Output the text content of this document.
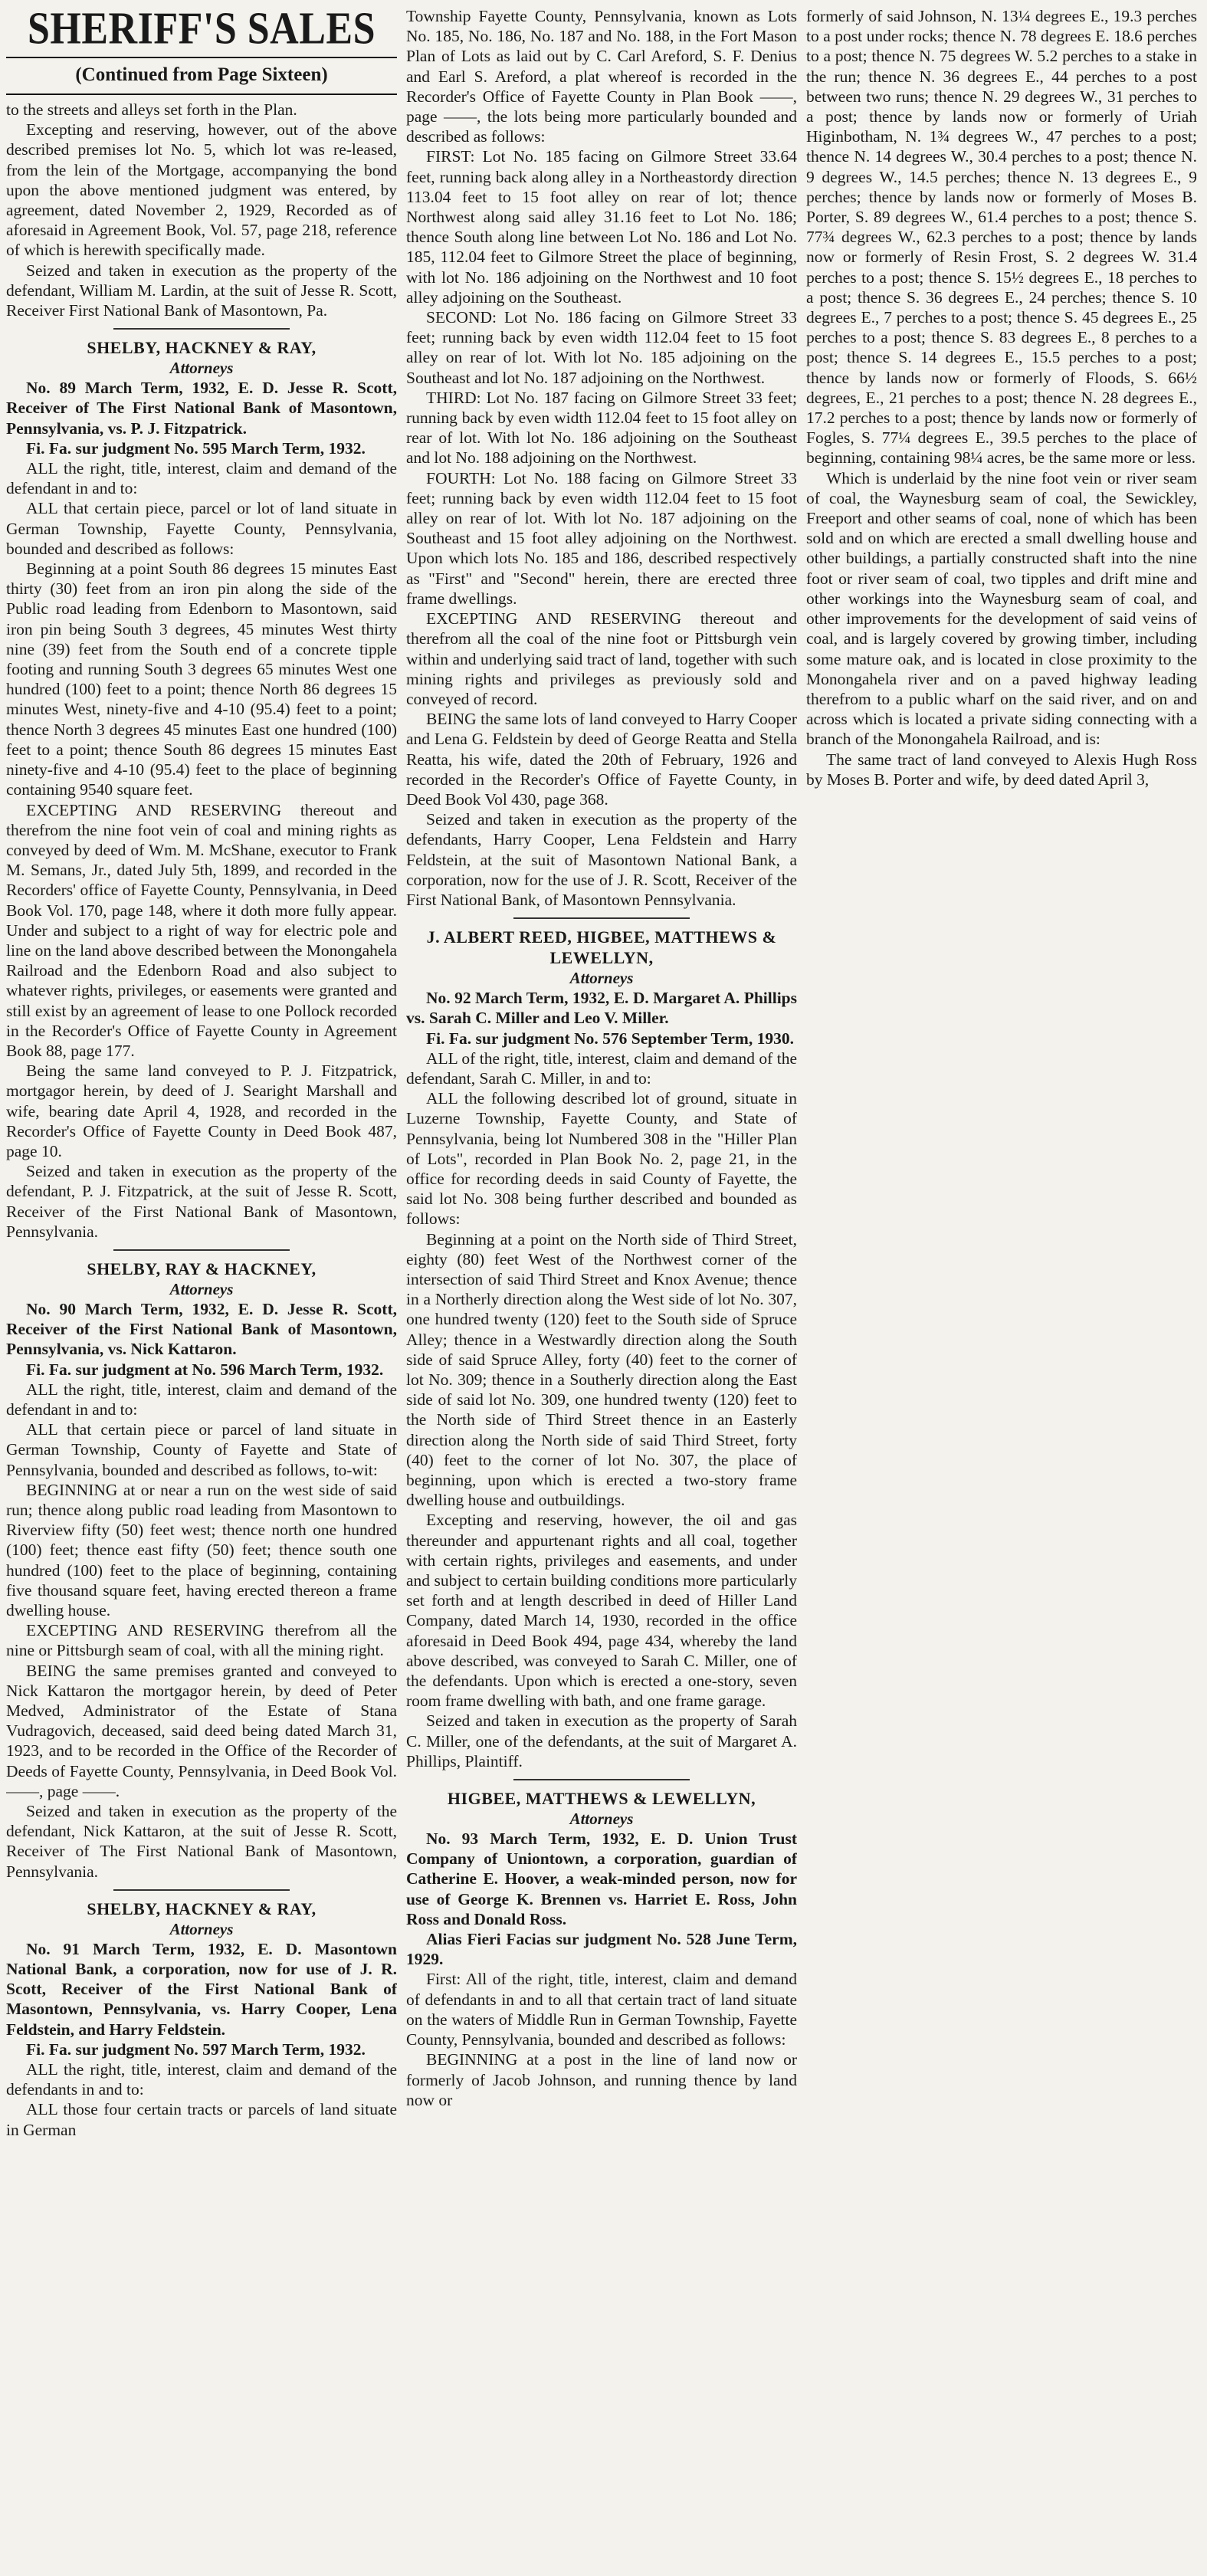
SHERIFF'S SALES
(Continued from Page Sixteen)

to the streets and alleys set forth in the Plan.

Excepting and reserving, however, out of the above described premises lot No. 5, which lot was re-leased, from the lein of the Mortgage, accompanying the bond upon the above mentioned judgment was entered, by agreement, dated November 2, 1929, Recorded as of aforesaid in Agreement Book, Vol. 57, page 218, reference of which is herewith specifically made.

Seized and taken in execution as the property of the defendant, William M. Lardin, at the suit of Jesse R. Scott, Receiver First National Bank of Masontown, Pa.

SHELBY, HACKNEY & RAY,
Attorneys

No. 89 March Term, 1932, E. D. Jesse R. Scott, Receiver of The First National Bank of Masontown, Pennsylvania, vs. P. J. Fitzpatrick.

Fi. Fa. sur judgment No. 595 March Term, 1932.

ALL the right, title, interest, claim and demand of the defendant in and to:

ALL that certain piece, parcel or lot of land situate in German Township, Fayette County, Pennsylvania, bounded and described as follows:

Beginning at a point South 86 degrees 15 minutes East thirty (30) feet from an iron pin along the side of the Public road leading from Edenborn to Masontown, said iron pin being South 3 degrees, 45 minutes West thirty nine (39) feet from the South end of a concrete tipple footing and running South 3 degrees 65 minutes West one hundred (100) feet to a point; thence North 86 degrees 15 minutes West, ninety-five and 4-10 (95.4) feet to a point; thence North 3 degrees 45 minutes East one hundred (100) feet to a point; thence South 86 degrees 15 minutes East ninety-five and 4-10 (95.4) feet to the place of beginning containing 9540 square feet.

EXCEPTING AND RESERVING thereout and therefrom the nine foot vein of coal and mining rights as conveyed by deed of Wm. M. McShane, executor to Frank M. Semans, Jr., dated July 5th, 1899, and recorded in the Recorders' office of Fayette County, Pennsylvania, in Deed Book Vol. 170, page 148, where it doth more fully appear. Under and subject to a right of way for electric pole and line on the land above described between the Monongahela Railroad and the Edenborn Road and also subject to whatever rights, privileges, or easements were granted and still exist by an agreement of lease to one Pollock recorded in the Recorder's Office of Fayette County in Agreement Book 88, page 177.

Being the same land conveyed to P. J. Fitzpatrick, mortgagor herein, by deed of J. Searight Marshall and wife, bearing date April 4, 1928, and recorded in the Recorder's Office of Fayette County in Deed Book 487, page 10.

Seized and taken in execution as the property of the defendant, P. J. Fitzpatrick, at the suit of Jesse R. Scott, Receiver of the First National Bank of Masontown, Pennsylvania.

SHELBY, RAY & HACKNEY,
Attorneys

No. 90 March Term, 1932, E. D. Jesse R. Scott, Receiver of the First National Bank of Masontown, Pennsylvania, vs. Nick Kattaron.

Fi. Fa. sur judgment at No. 596 March Term, 1932.

ALL the right, title, interest, claim and demand of the defendant in and to:

ALL that certain piece or parcel of land situate in German Township, County of Fayette and State of Pennsylvania, bounded and described as follows, to-wit:

BEGINNING at or near a run on the west side of said run; thence along public road leading from Masontown to Riverview fifty (50) feet west; thence north one hundred (100) feet; thence east fifty (50) feet; thence south one hundred (100) feet to the place of beginning, containing five thousand square feet, having erected thereon a frame dwelling house.

EXCEPTING AND RESERVING therefrom all the nine or Pittsburgh seam of coal, with all the mining right.

BEING the same premises granted and conveyed to Nick Kattaron the mortgagor herein, by deed of Peter Medved, Administrator of the Estate of Stana Vudragovich, deceased, said deed being dated March 31, 1923, and to be recorded in the Office of the Recorder of Deeds of Fayette County, Pennsylvania, in Deed Book Vol. ——, page ——.

Seized and taken in execution as the property of the defendant, Nick Kattaron, at the suit of Jesse R. Scott, Receiver of The First National Bank of Masontown, Pennsylvania.

SHELBY, HACKNEY & RAY,
Attorneys

No. 91 March Term, 1932, E. D. Masontown National Bank, a corporation, now for use of J. R. Scott, Receiver of the First National Bank of Masontown, Pennsylvania, vs. Harry Cooper, Lena Feldstein, and Harry Feldstein.

Fi. Fa. sur judgment No. 597 March Term, 1932.

ALL the right, title, interest, claim and demand of the defendants in and to:

ALL those four certain tracts or parcels of land situate in German

Township Fayette County, Pennsylvania, known as Lots No. 185, No. 186, No. 187 and No. 188, in the Fort Mason Plan of Lots as laid out by C. Carl Areford, S. F. Denius and Earl S. Areford, a plat whereof is recorded in the Recorder's Office of Fayette County in Plan Book ——, page ——, the lots being more particularly bounded and described as follows:

FIRST: Lot No. 185 facing on Gilmore Street 33.64 feet, running back along alley in a Northeastordy direction 113.04 feet to 15 foot alley on rear of lot; thence Northwest along said alley 31.16 feet to Lot No. 186; thence South along line between Lot No. 186 and Lot No. 185, 112.04 feet to Gilmore Street the place of beginning, with lot No. 186 adjoining on the Northwest and 10 foot alley adjoining on the Southeast.

SECOND: Lot No. 186 facing on Gilmore Street 33 feet; running back by even width 112.04 feet to 15 foot alley on rear of lot. With lot No. 185 adjoining on the Southeast and lot No. 187 adjoining on the Northwest.

THIRD: Lot No. 187 facing on Gilmore Street 33 feet; running back by even width 112.04 feet to 15 foot alley on rear of lot. With lot No. 186 adjoining on the Southeast and lot No. 188 adjoining on the Northwest.

FOURTH: Lot No. 188 facing on Gilmore Street 33 feet; running back by even width 112.04 feet to 15 foot alley on rear of lot. With lot No. 187 adjoining on the Southeast and 15 foot alley adjoining on the Northwest. Upon which lots No. 185 and 186, described respectively as "First" and "Second" herein, there are erected three frame dwellings.

EXCEPTING AND RESERVING thereout and therefrom all the coal of the nine foot or Pittsburgh vein within and underlying said tract of land, together with such mining rights and privileges as previously sold and conveyed of record.

BEING the same lots of land conveyed to Harry Cooper and Lena G. Feldstein by deed of George Reatta and Stella Reatta, his wife, dated the 20th of February, 1926 and recorded in the Recorder's Office of Fayette County, in Deed Book Vol 430, page 368.

Seized and taken in execution as the property of the defendants, Harry Cooper, Lena Feldstein and Harry Feldstein, at the suit of Masontown National Bank, a corporation, now for the use of J. R. Scott, Receiver of the First National Bank, of Masontown Pennsylvania.

J. ALBERT REED, HIGBEE, MATTHEWS & LEWELLYN,
Attorneys

No. 92 March Term, 1932, E. D. Margaret A. Phillips vs. Sarah C. Miller and Leo V. Miller.

Fi. Fa. sur judgment No. 576 September Term, 1930.

ALL of the right, title, interest, claim and demand of the defendant, Sarah C. Miller, in and to:

ALL the following described lot of ground, situate in Luzerne Township, Fayette County, and State of Pennsylvania, being lot Numbered 308 in the "Hiller Plan of Lots", recorded in Plan Book No. 2, page 21, in the office for recording deeds in said County of Fayette, the said lot No. 308 being further described and bounded as follows:

Beginning at a point on the North side of Third Street, eighty (80) feet West of the Northwest corner of the intersection of said Third Street and Knox Avenue; thence in a Northerly direction along the West side of lot No. 307, one hundred twenty (120) feet to the South side of Spruce Alley; thence in a Westwardly direction along the South side of said Spruce Alley, forty (40) feet to the corner of lot No. 309; thence in a Southerly direction along the East side of said lot No. 309, one hundred twenty (120) feet to the North side of Third Street thence in an Easterly direction along the North side of said Third Street, forty (40) feet to the corner of lot No. 307, the place of beginning, upon which is erected a two-story frame dwelling house and outbuildings.

Excepting and reserving, however, the oil and gas thereunder and appurtenant rights and all coal, together with certain rights, privileges and easements, and under and subject to certain building conditions more particularly set forth and at length described in deed of Hiller Land Company, dated March 14, 1930, recorded in the office aforesaid in Deed Book 494, page 434, whereby the land above described, was conveyed to Sarah C. Miller, one of the defendants. Upon which is erected a one-story, seven room frame dwelling with bath, and one frame garage.

Seized and taken in execution as the property of Sarah C. Miller, one of the defendants, at the suit of Margaret A. Phillips, Plaintiff.

HIGBEE, MATTHEWS & LEWELLYN,
Attorneys

No. 93 March Term, 1932, E. D. Union Trust Company of Uniontown, a corporation, guardian of Catherine E. Hoover, a weak-minded person, now for use of George K. Brennen vs. Harriet E. Ross, John Ross and Donald Ross.

Alias Fieri Facias sur judgment No. 528 June Term, 1929.

First: All of the right, title, interest, claim and demand of defendants in and to all that certain tract of land situate on the waters of Middle Run in German Township, Fayette County, Pennsylvania, bounded and described as follows:

BEGINNING at a post in the line of land now or formerly of Jacob Johnson, and running thence by land now or

formerly of said Johnson, N. 13¼ degrees E., 19.3 perches to a post under rocks; thence N. 78 degrees E. 18.6 perches to a post; thence N. 75 degrees W. 5.2 perches to a stake in the run; thence N. 36 degrees E., 44 perches to a post between two runs; thence N. 29 degrees W., 31 perches to a post; thence by lands now or formerly of Uriah Higinbotham, N. 1¾ degrees W., 47 perches to a post; thence N. 14 degrees W., 30.4 perches to a post; thence N. 9 degrees W., 14.5 perches; thence N. 13 degrees E., 9 perches; thence by lands now or formerly of Moses B. Porter, S. 89 degrees W., 61.4 perches to a post; thence S. 77¾ degrees W., 62.3 perches to a post; thence by lands now or formerly of Resin Frost, S. 2 degrees W. 31.4 perches to a post; thence S. 15½ degrees E., 18 perches to a post; thence S. 36 degrees E., 24 perches; thence S. 10 degrees E., 7 perches to a post; thence S. 45 degrees E., 25 perches to a post; thence S. 83 degrees E., 8 perches to a post; thence S. 14 degrees E., 15.5 perches to a post; thence by lands now or formerly of Floods, S. 66½ degrees, E., 21 perches to a post; thence N. 28 degrees E., 17.2 perches to a post; thence by lands now or formerly of Fogles, S. 77¼ degrees E., 39.5 perches to the place of beginning, containing 98¼ acres, be the same more or less.

Which is underlaid by the nine foot vein or river seam of coal, the Waynesburg seam of coal, the Sewickley, Freeport and other seams of coal, none of which has been sold and on which are erected a small dwelling house and other buildings, a partially constructed shaft into the nine foot or river seam of coal, two tipples and drift mine and other workings into the Waynesburg seam of coal, and other improvements for the development of said veins of coal, and is largely covered by growing timber, including some mature oak, and is located in close proximity to the Monongahela river and on a paved highway leading therefrom to a public wharf on the said river, and on and across which is located a private siding connecting with a branch of the Monongahela Railroad, and is:

The same tract of land conveyed to Alexis Hugh Ross by Moses B. Porter and wife, by deed dated April 3,
